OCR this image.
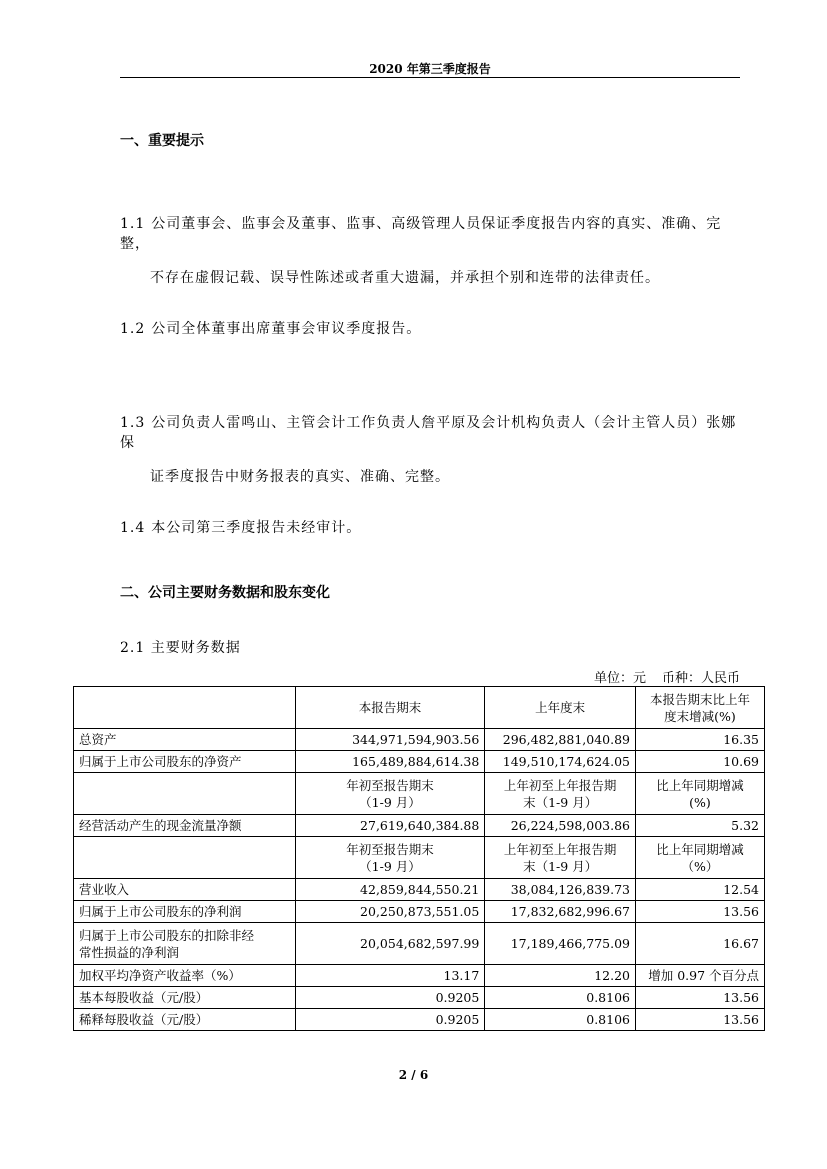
2020 年第三季度报告
一、重要提示
1.1 公司董事会、监事会及董事、监事、高级管理人员保证季度报告内容的真实、准确、完整，
不存在虚假记载、误导性陈述或者重大遗漏，并承担个别和连带的法律责任。
1.2 公司全体董事出席董事会审议季度报告。
1.3 公司负责人雷鸣山、主管会计工作负责人詹平原及会计机构负责人（会计主管人员）张娜保
证季度报告中财务报表的真实、准确、完整。
1.4 本公司第三季度报告未经审计。
二、公司主要财务数据和股东变化
2.1 主要财务数据
单位：元 币种：人民币
	本报告期末	上年度末	本报告期末比上年
度末增减(%)
总资产	344,971,594,903.56	296,482,881,040.89	16.35
归属于上市公司股东的净资产	165,489,884,614.38	149,510,174,624.05	10.69
	年初至报告期末
（1-9 月）	上年初至上年报告期
末（1-9 月）	比上年同期增减
(%)
经营活动产生的现金流量净额	27,619,640,384.88	26,224,598,003.86	5.32
	年初至报告期末
（1-9 月）	上年初至上年报告期
末（1-9 月）	比上年同期增减
（%）
营业收入	42,859,844,550.21	38,084,126,839.73	12.54
归属于上市公司股东的净利润	20,250,873,551.05	17,832,682,996.67	13.56
归属于上市公司股东的扣除非经
常性损益的净利润	20,054,682,597.99	17,189,466,775.09	16.67
加权平均净资产收益率（%）	13.17	12.20	增加 0.97 个百分点
基本每股收益（元/股）	0.9205	0.8106	13.56
稀释每股收益（元/股）	0.9205	0.8106	13.56
2 / 6
